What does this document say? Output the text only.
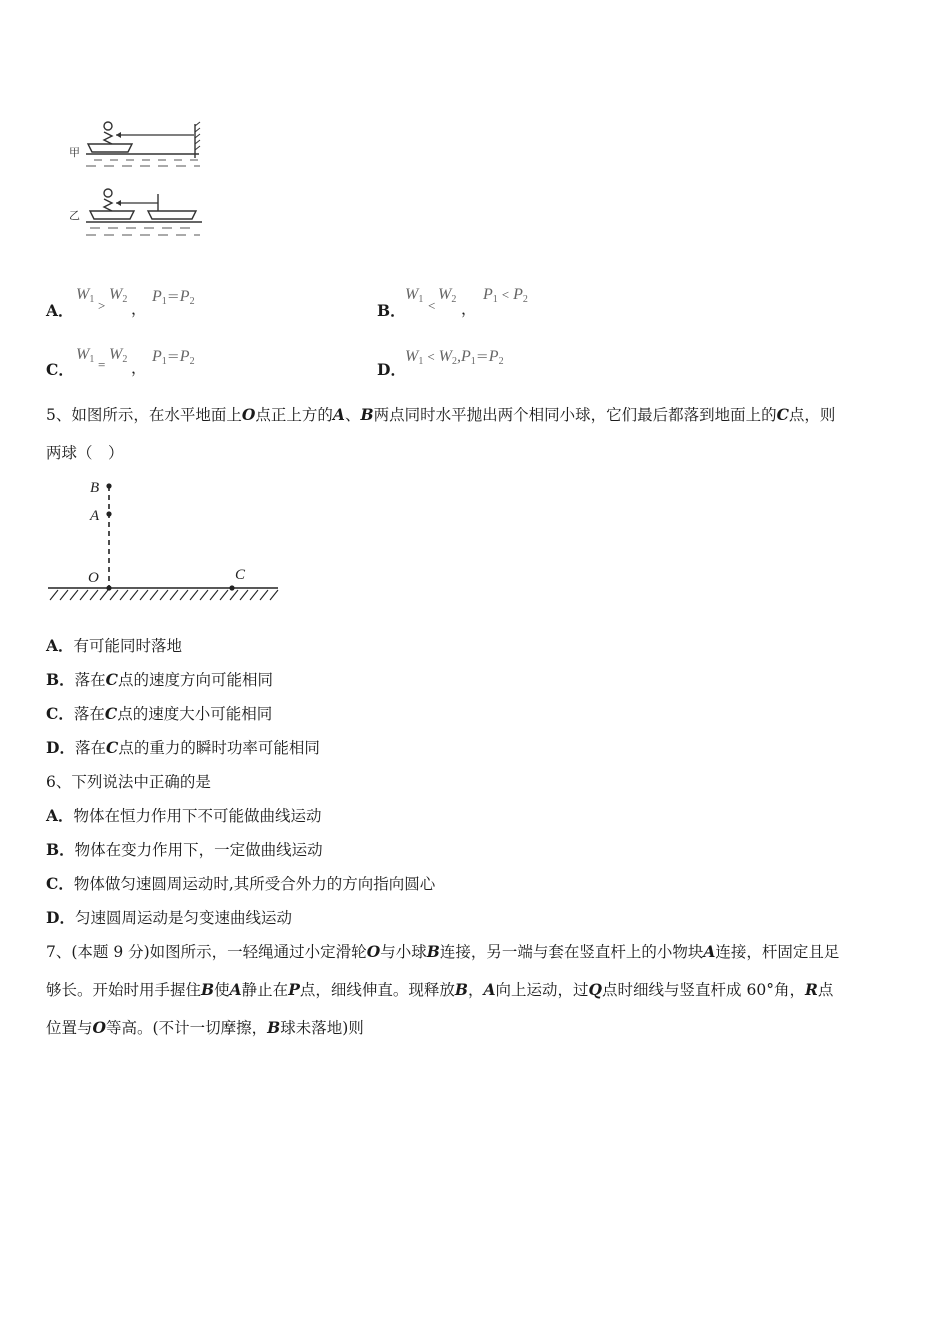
甲
乙
A．
$W_1$ >
$W_2$
，
$P_1=P_2$	B．
$W_1$ <
$W_2$
，
$P_1 < P_2$
C．
$W_1$ =
$W_2$ ，
$P_1=P_2$	D．
$W_1 < W_2,P_1=P_2$
5、如图所示，在水平地面上O点正上方的A、B两点同时水平抛出两个相同小球，它们最后都落到地面上的C点，则
两球（　）
B
A
O	C
A．有可能同时落地
B．落在C点的速度方向可能相同
C．落在C点的速度大小可能相同
D．落在C点的重力的瞬时功率可能相同
6、下列说法中正确的是
A．物体在恒力作用下不可能做曲线运动
B．物体在变力作用下，一定做曲线运动
C．物体做匀速圆周运动时,其所受合外力的方向指向圆心
D．匀速圆周运动是匀变速曲线运动
7、(本题 9 分)如图所示，一轻绳通过小定滑轮O与小球B连接，另一端与套在竖直杆上的小物块A连接，杆固定且足
够长。开始时用手握住B使A静止在P点，细线伸直。现释放B，A向上运动，过Q点时细线与竖直杆成 60°角，R点
位置与O等高。(不计一切摩擦，B球未落地)则
